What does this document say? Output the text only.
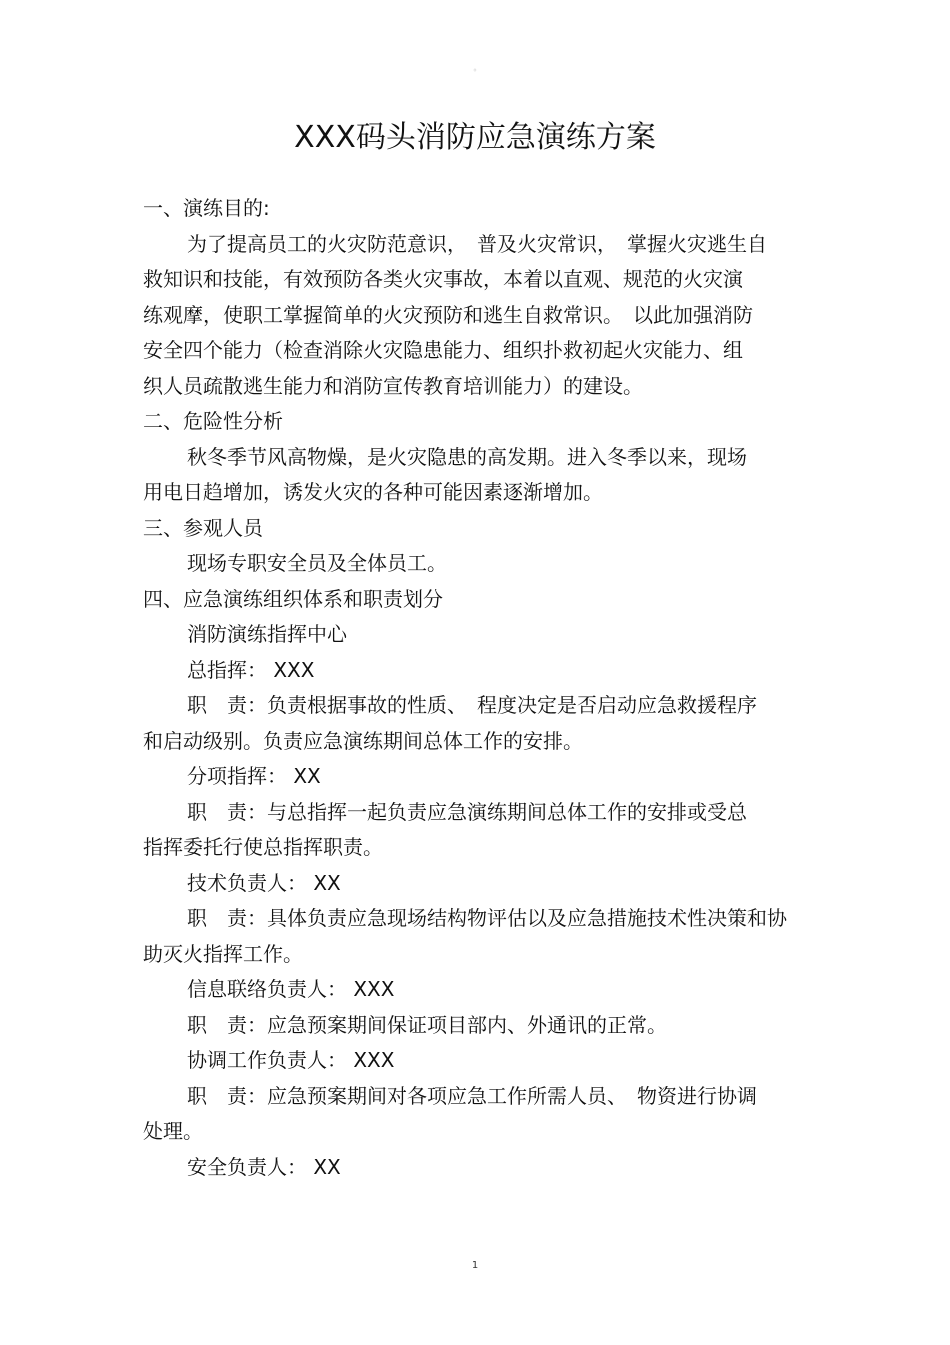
◦
XXX码头消防应急演练方案
一、演练目的:
为了提高员工的火灾防范意识，　普及火灾常识，　掌握火灾逃生自
救知识和技能，有效预防各类火灾事故，本着以直观、规范的火灾演
练观摩，使职工掌握简单的火灾预防和逃生自救常识。　以此加强消防
安全四个能力（检查消除火灾隐患能力、组织扑救初起火灾能力、组
织人员疏散逃生能力和消防宣传教育培训能力）的建设。
二、危险性分析
秋冬季节风高物燥，是火灾隐患的高发期。进入冬季以来，现场
用电日趋增加，诱发火灾的各种可能因素逐渐增加。
三、参观人员
现场专职安全员及全体员工。
四、应急演练组织体系和职责划分
消防演练指挥中心
总指挥： XXX
职　责：负责根据事故的性质、　程度决定是否启动应急救援程序
和启动级别。负责应急演练期间总体工作的安排。
分项指挥： XX
职　责：与总指挥一起负责应急演练期间总体工作的安排或受总
指挥委托行使总指挥职责。
技术负责人： XX
职　责：具体负责应急现场结构物评估以及应急措施技术性决策和协
助灭火指挥工作。
信息联络负责人： XXX
职　责：应急预案期间保证项目部内、外通讯的正常。
协调工作负责人： XXX
职　责：应急预案期间对各项应急工作所需人员、　物资进行协调
处理。
安全负责人： XX
1
